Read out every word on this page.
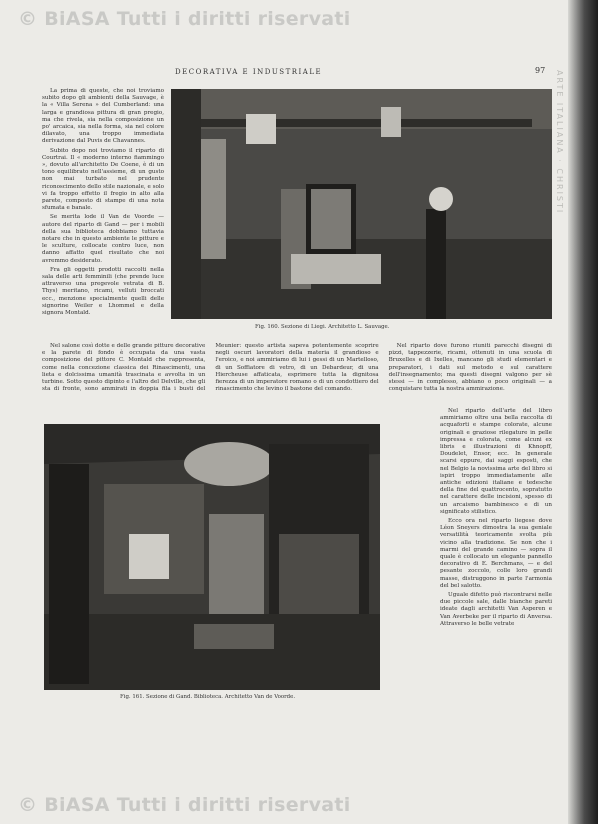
© BiASA Tutti i diritti riservati
DECORATIVA E INDUSTRIALE	97

La prima di queste, che noi troviamo subito dopo gli ambienti della Sauvage, è la « Villa Serena » del Cumberland: una larga e grandiosa pittura di gran pregio, ma che rivela, sia nella composizione un po' arcaica, sia nella forma, sia nel colore dilavato, una troppo immediata derivazione dal Puvis de Chavannes.

Subito dopo noi troviamo il riparto di Courtrai. Il « moderno interno fiammingo », dovuto all'architetto De Coene, è di un tono equilibrato nell'assieme, di un gusto non mai turbato nel prudente riconoscimento dello stile nazionale, e solo vi fa troppo effetto il fregio in alto alla parete, composto di stampe di una nota sfumata e banale.

Se merita lode il Van de Voorde — autore del riparto di Gand — per i mobili della sua biblioteca dobbiamo tuttavia notare che in questo ambiente le pitture e le sculture, collocate contro luce, non danno affatto quel risultato che noi avremmo desiderato.

Fra gli oggetti prodotti raccolti nella sala delle arti femminili (che prende luce attraverso una pregevole vetrata di B. Thys) meritano, ricami, velluti broccati ecc., menzione specialmente quelli delle signorine Weiler e Lhommel e della signora Montald.

Fig. 160. Sezione di Liegi. Architetto L. Sauvage.

Nel salone così dotte e delle grande pitture decorative e la parete di fondo è occupata da una vasta composizione del pittore C. Montald che rappresenta, come nella concezione classica dei Rinascimenti, una lieta e dolcissima umanità trascinata e avvolta in un turbine. Sotto questo dipinto e l'altro del Delville, che gli sta di fronte, sono ammirati in doppia fila i busti del Meunier: questo artista sapeva potentemente scoprire negli oscuri lavoratori della materia il grandioso e l'eroico, e noi ammiriamo di lui i gessi di un Martelloso, di un Soffiatore di vetro, di un Debardeur, di una Hiercheuse affaticata, esprimere tutta la dignitosa fierezza di un imperatore romano o di un condottiero del rinascimento che levino il bastone del comando.

Nel riparto dove furono riuniti parecchi disegni di pizzi, tappezzerie, ricami, ottenuti in una scuola di Bruxelles e di Ixelles, mancano gli studi elementari e preparatori, i dati sul metodo e sul carattere dell'insegnamento; ma questi disegni valgono per sè stessi — in complesso, abbiano o poco originali — a conquistare tutta la nostra ammirazione.

Fig. 161. Sezione di Gand. Biblioteca. Architetto Van de Voorde.

Nel riparto dell'arte del libro ammiriamo oltre una bella raccolta di acquaforti e stampe colorate, alcune originali e graziose rilegature in pelle impressa e colorata, come alcuni ex libris e illustrazioni di Khnopff, Doudelet, Ensor, ecc. In generale scarsi eppure, dai saggi esposti, che nel Belgio la novissima arte del libro si ispiri troppo immediatamente alle antiche edizioni italiane e tedesche della fine del quattrocento, sopratutto nel carattere delle incisioni, spesso di un arcaismo bambinesco e di un significato stilistico.

Ecco ora nel riparto liegese dove Léon Sneyers dimostra la sua geniale versatilità teoricamente svolta più vicino alla tradizione. Se non che i marmi del grande camino — sopra il quale è collocato un elegante pannello decorativo di E. Berchmans, — e del pesante zoccolo, colle loro grandi masse, distruggono in parte l'armonia del bel salotto.

Uguale difetto può riscontrarsi nelle due piccole sale, dalle bianche pareti ideate dagli architetti Van Asperen e Van Averbeke per il riparto di Anversa. Attraverso le belle vetrate

ARTE ITALIANA · CHRISTI
© BiASA Tutti i diritti riservati
